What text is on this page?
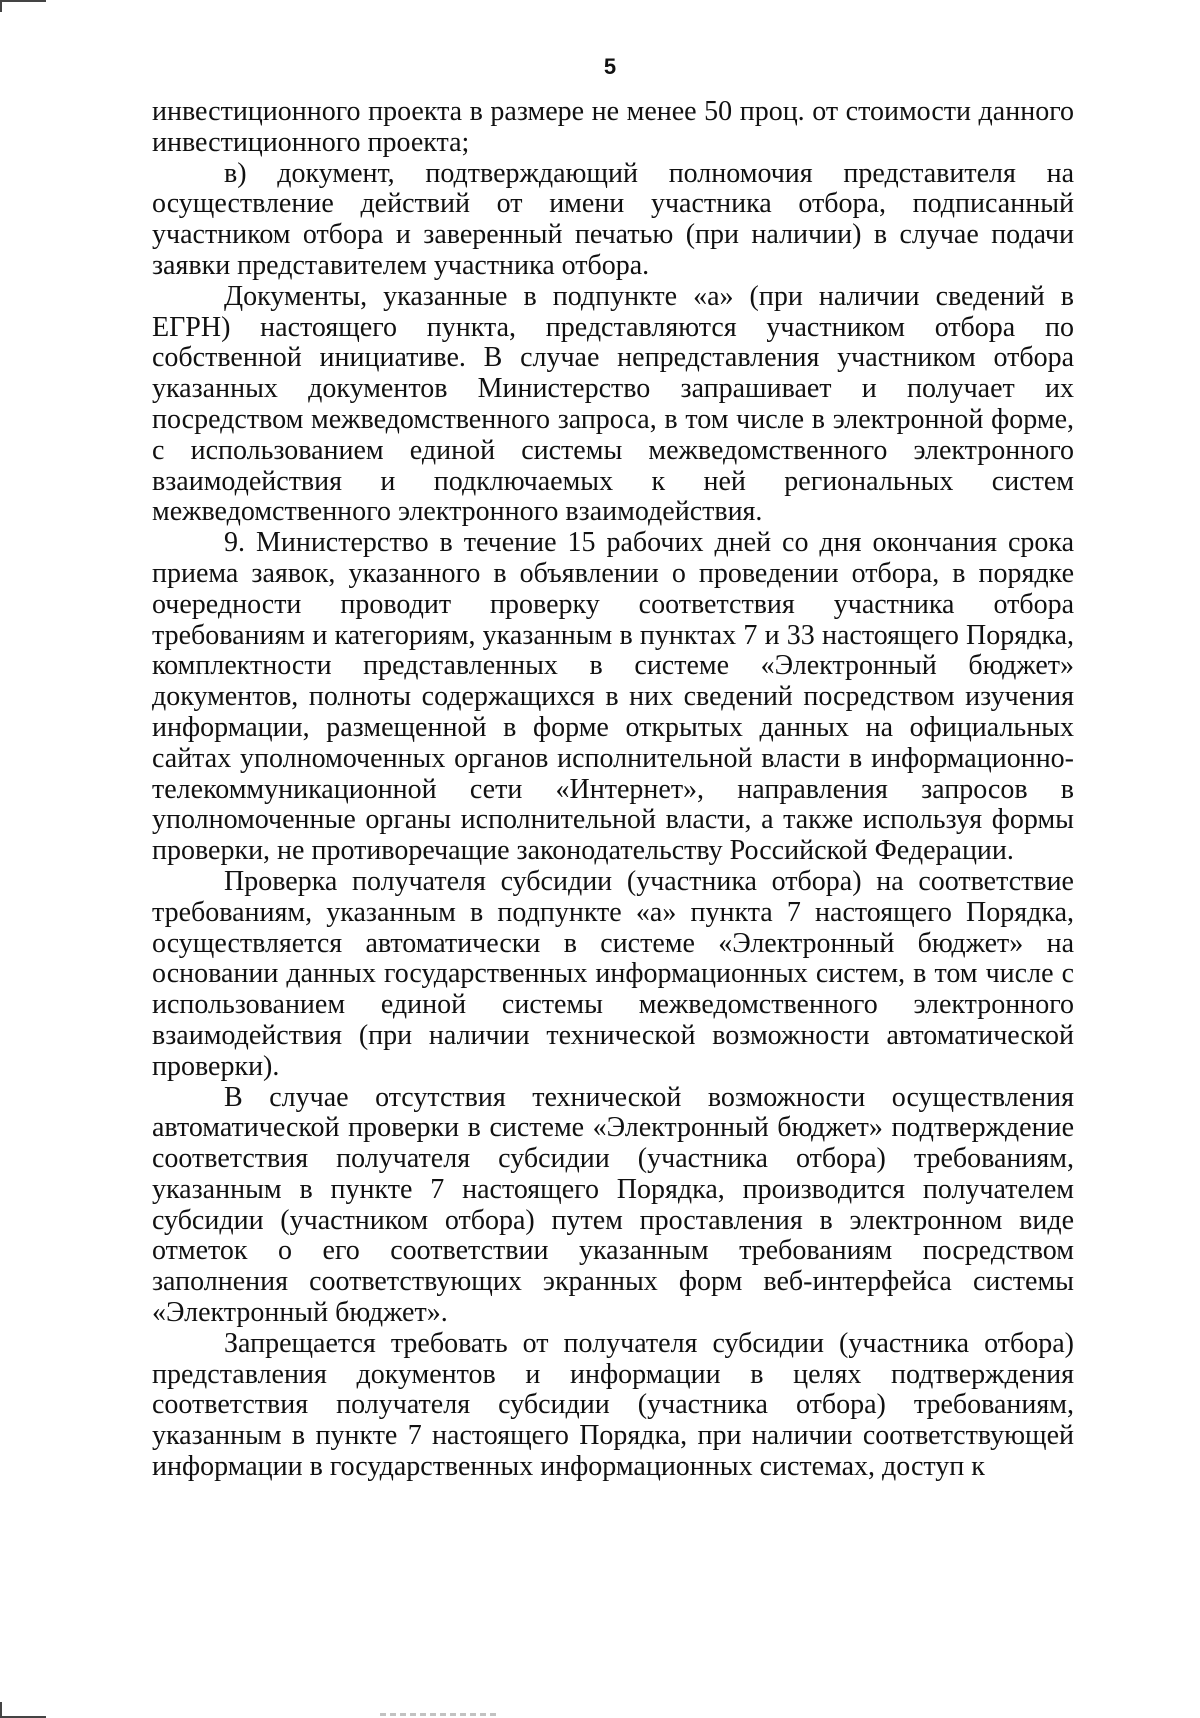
5

инвестиционного проекта в размере не менее 50 проц. от стоимости данного инвестиционного проекта;

в) документ, подтверждающий полномочия представителя на осуществление действий от имени участника отбора, подписанный участником отбора и заверенный печатью (при наличии) в случае подачи заявки представителем участника отбора.

Документы, указанные в подпункте «а» (при наличии сведений в ЕГРН) настоящего пункта, представляются участником отбора по собственной инициативе. В случае непредставления участником отбора указанных документов Министерство запрашивает и получает их посредством межведомственного запроса, в том числе в электронной форме, с использованием единой системы межведомственного электронного взаимодействия и подключаемых к ней региональных систем межведомственного электронного взаимодействия.

9. Министерство в течение 15 рабочих дней со дня окончания срока приема заявок, указанного в объявлении о проведении отбора, в порядке очередности проводит проверку соответствия участника отбора требованиям и категориям, указанным в пунктах 7 и 33 настоящего Порядка, комплектности представленных в системе «Электронный бюджет» документов, полноты содержащихся в них сведений посредством изучения информации, размещенной в форме открытых данных на официальных сайтах уполномоченных органов исполнительной власти в информационно-телекоммуникационной сети «Интернет», направления запросов в уполномоченные органы исполнительной власти, а также используя формы проверки, не противоречащие законодательству Российской Федерации.

Проверка получателя субсидии (участника отбора) на соответствие требованиям, указанным в подпункте «а» пункта 7 настоящего Порядка, осуществляется автоматически в системе «Электронный бюджет» на основании данных государственных информационных систем, в том числе с использованием единой системы межведомственного электронного взаимодействия (при наличии технической возможности автоматической проверки).

В случае отсутствия технической возможности осуществления автоматической проверки в системе «Электронный бюджет» подтверждение соответствия получателя субсидии (участника отбора) требованиям, указанным в пункте 7 настоящего Порядка, производится получателем субсидии (участником отбора) путем проставления в электронном виде отметок о его соответствии указанным требованиям посредством заполнения соответствующих экранных форм веб-интерфейса системы «Электронный бюджет».

Запрещается требовать от получателя субсидии (участника отбора) представления документов и информации в целях подтверждения соответствия получателя субсидии (участника отбора) требованиям, указанным в пункте 7 настоящего Порядка, при наличии соответствующей информации в государственных информационных системах, доступ к
